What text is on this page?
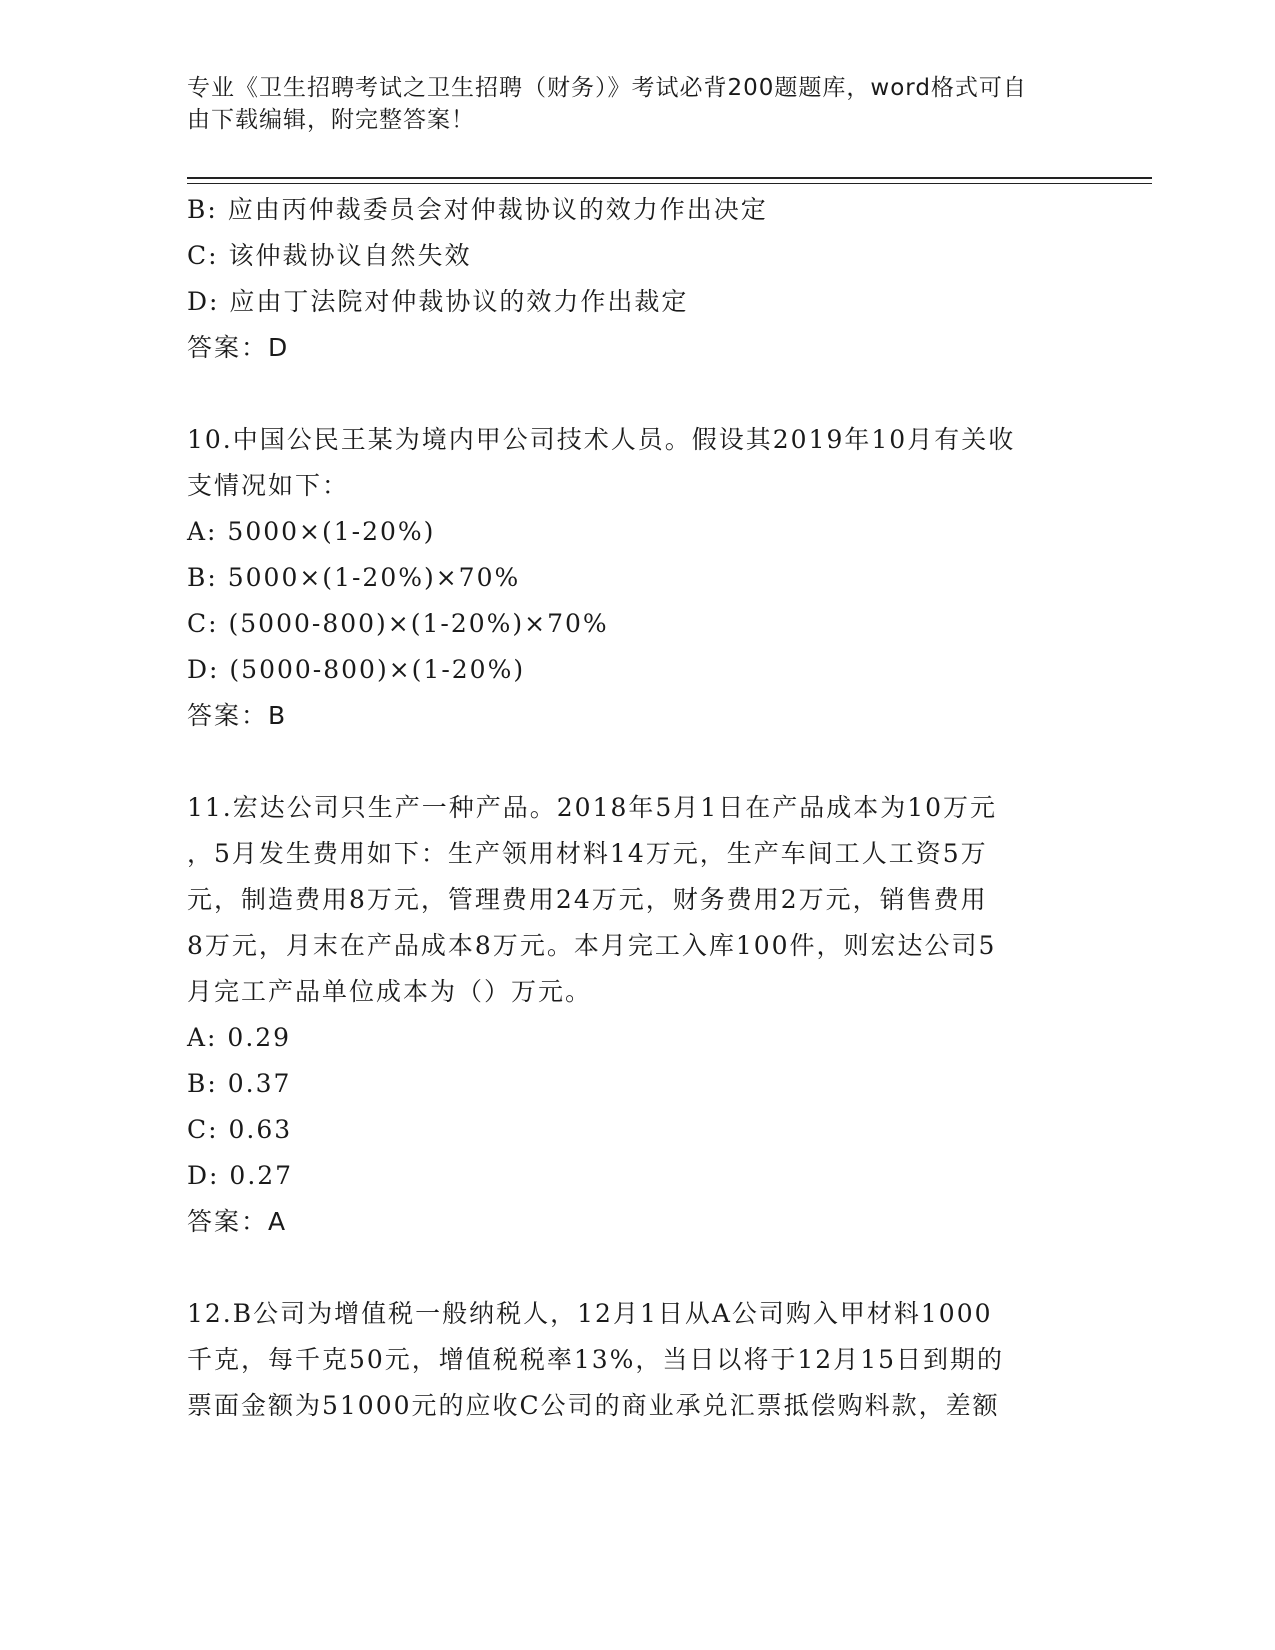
专业《卫生招聘考试之卫生招聘（财务）》考试必背200题题库，word格式可自
由下载编辑，附完整答案！
B: 应由丙仲裁委员会对仲裁协议的效力作出决定
C: 该仲裁协议自然失效
D: 应由丁法院对仲裁协议的效力作出裁定
答案：D
10.中国公民王某为境内甲公司技术人员。假设其2019年10月有关收
支情况如下：
A: 5000×(1-20%)
B: 5000×(1-20%)×70%
C: (5000-800)×(1-20%)×70%
D: (5000-800)×(1-20%)
答案：B
11.宏达公司只生产一种产品。2018年5月1日在产品成本为10万元
，5月发生费用如下：生产领用材料14万元，生产车间工人工资5万
元，制造费用8万元，管理费用24万元，财务费用2万元，销售费用
8万元，月末在产品成本8万元。本月完工入库100件，则宏达公司5
月完工产品单位成本为（）万元。
A: 0.29
B: 0.37
C: 0.63
D: 0.27
答案：A
12.B公司为增值税一般纳税人，12月1日从A公司购入甲材料1000
千克，每千克50元，增值税税率13%，当日以将于12月15日到期的
票面金额为51000元的应收C公司的商业承兑汇票抵偿购料款，差额
